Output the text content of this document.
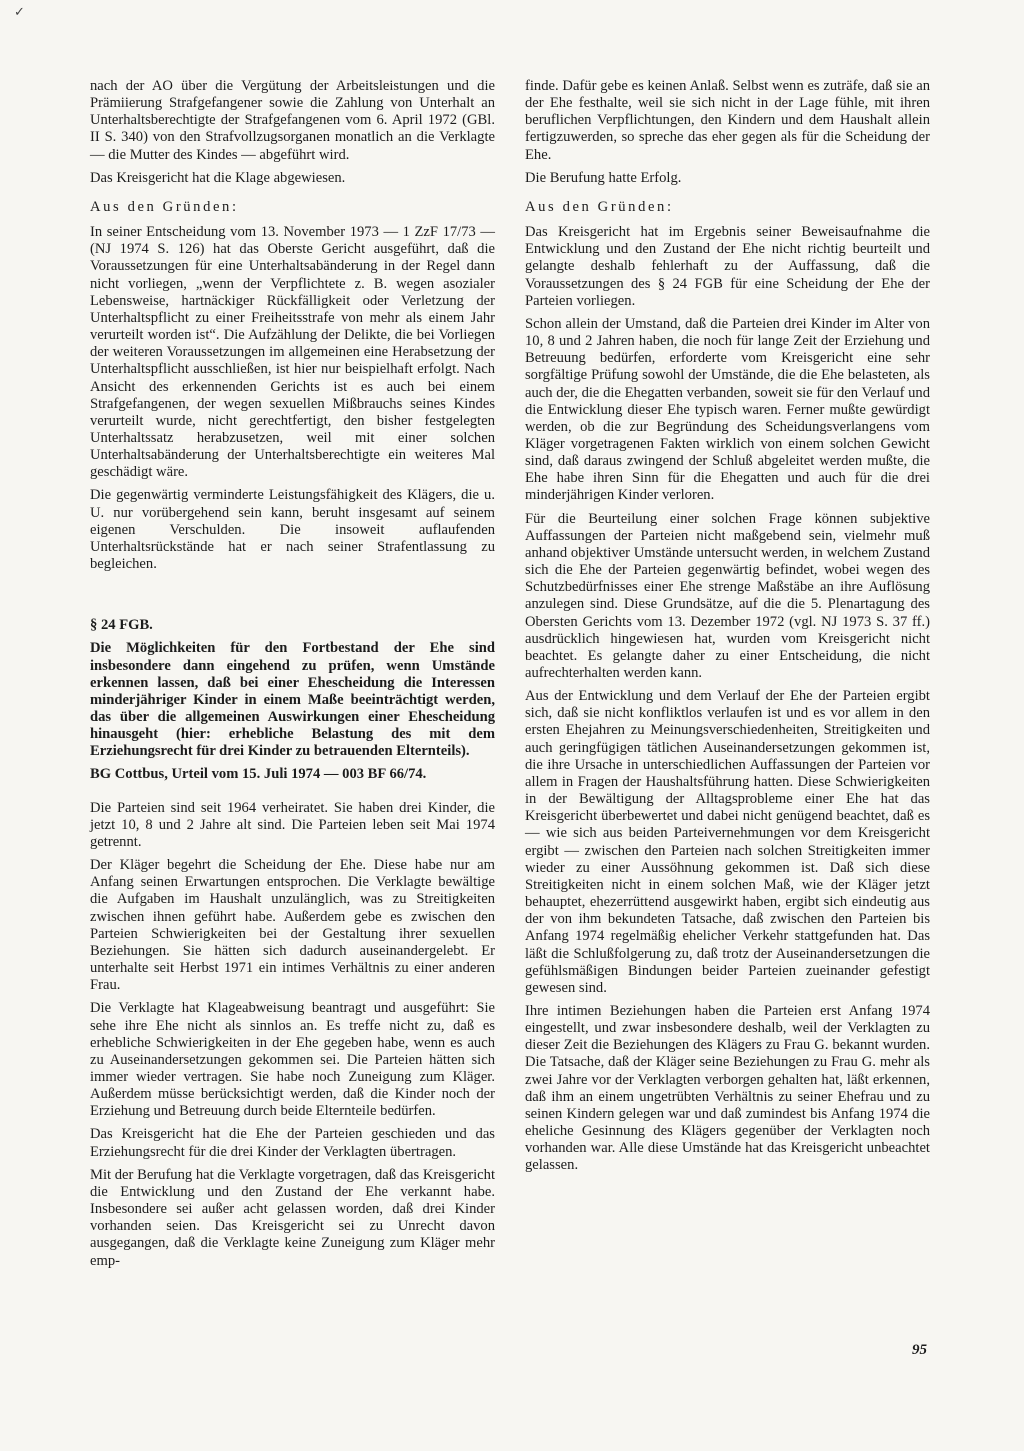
✓

nach der AO über die Vergütung der Arbeitsleistungen und die Prämiierung Strafgefangener sowie die Zahlung von Unterhalt an Unterhaltsberechtigte der Strafgefangenen vom 6. April 1972 (GBl. II S. 340) von den Strafvollzugsorganen monatlich an die Verklagte — die Mutter des Kindes — abgeführt wird.

Das Kreisgericht hat die Klage abgewiesen.

Aus den Gründen:

In seiner Entscheidung vom 13. November 1973 — 1 ZzF 17/73 — (NJ 1974 S. 126) hat das Oberste Gericht ausgeführt, daß die Voraussetzungen für eine Unterhaltsabänderung in der Regel dann nicht vorliegen, „wenn der Verpflichtete z. B. wegen asozialer Lebensweise, hartnäckiger Rückfälligkeit oder Verletzung der Unterhaltspflicht zu einer Freiheitsstrafe von mehr als einem Jahr verurteilt worden ist“. Die Aufzählung der Delikte, die bei Vorliegen der weiteren Voraussetzungen im allgemeinen eine Herabsetzung der Unterhaltspflicht ausschließen, ist hier nur beispielhaft erfolgt. Nach Ansicht des erkennenden Gerichts ist es auch bei einem Strafgefangenen, der wegen sexuellen Mißbrauchs seines Kindes verurteilt wurde, nicht gerechtfertigt, den bisher festgelegten Unterhaltssatz herabzusetzen, weil mit einer solchen Unterhaltsabänderung der Unterhaltsberechtigte ein weiteres Mal geschädigt wäre.

Die gegenwärtig verminderte Leistungsfähigkeit des Klägers, die u. U. nur vorübergehend sein kann, beruht insgesamt auf seinem eigenen Verschulden. Die insoweit auflaufenden Unterhaltsrückstände hat er nach seiner Strafentlassung zu begleichen.

§ 24 FGB.

Die Möglichkeiten für den Fortbestand der Ehe sind insbesondere dann eingehend zu prüfen, wenn Umstände erkennen lassen, daß bei einer Ehescheidung die Interessen minderjähriger Kinder in einem Maße beeinträchtigt werden, das über die allgemeinen Auswirkungen einer Ehescheidung hinausgeht (hier: erhebliche Belastung des mit dem Erziehungsrecht für drei Kinder zu betrauenden Elternteils).

BG Cottbus, Urteil vom 15. Juli 1974 — 003 BF 66/74.

Die Parteien sind seit 1964 verheiratet. Sie haben drei Kinder, die jetzt 10, 8 und 2 Jahre alt sind. Die Parteien leben seit Mai 1974 getrennt.

Der Kläger begehrt die Scheidung der Ehe. Diese habe nur am Anfang seinen Erwartungen entsprochen. Die Verklagte bewältige die Aufgaben im Haushalt unzulänglich, was zu Streitigkeiten zwischen ihnen geführt habe. Außerdem gebe es zwischen den Parteien Schwierigkeiten bei der Gestaltung ihrer sexuellen Beziehungen. Sie hätten sich dadurch auseinandergelebt. Er unterhalte seit Herbst 1971 ein intimes Verhältnis zu einer anderen Frau.

Die Verklagte hat Klageabweisung beantragt und ausgeführt: Sie sehe ihre Ehe nicht als sinnlos an. Es treffe nicht zu, daß es erhebliche Schwierigkeiten in der Ehe gegeben habe, wenn es auch zu Auseinandersetzungen gekommen sei. Die Parteien hätten sich immer wieder vertragen. Sie habe noch Zuneigung zum Kläger. Außerdem müsse berücksichtigt werden, daß die Kinder noch der Erziehung und Betreuung durch beide Elternteile bedürfen.

Das Kreisgericht hat die Ehe der Parteien geschieden und das Erziehungsrecht für die drei Kinder der Verklagten übertragen.

Mit der Berufung hat die Verklagte vorgetragen, daß das Kreisgericht die Entwicklung und den Zustand der Ehe verkannt habe. Insbesondere sei außer acht gelassen worden, daß drei Kinder vorhanden seien. Das Kreisgericht sei zu Unrecht davon ausgegangen, daß die Verklagte keine Zuneigung zum Kläger mehr emp-

finde. Dafür gebe es keinen Anlaß. Selbst wenn es zuträfe, daß sie an der Ehe festhalte, weil sie sich nicht in der Lage fühle, mit ihren beruflichen Verpflichtungen, den Kindern und dem Haushalt allein fertigzuwerden, so spreche das eher gegen als für die Scheidung der Ehe.

Die Berufung hatte Erfolg.

Aus den Gründen:

Das Kreisgericht hat im Ergebnis seiner Beweisaufnahme die Entwicklung und den Zustand der Ehe nicht richtig beurteilt und gelangte deshalb fehlerhaft zu der Auffassung, daß die Voraussetzungen des § 24 FGB für eine Scheidung der Ehe der Parteien vorliegen.

Schon allein der Umstand, daß die Parteien drei Kinder im Alter von 10, 8 und 2 Jahren haben, die noch für lange Zeit der Erziehung und Betreuung bedürfen, erforderte vom Kreisgericht eine sehr sorgfältige Prüfung sowohl der Umstände, die die Ehe belasteten, als auch der, die die Ehegatten verbanden, soweit sie für den Verlauf und die Entwicklung dieser Ehe typisch waren. Ferner mußte gewürdigt werden, ob die zur Begründung des Scheidungsverlangens vom Kläger vorgetragenen Fakten wirklich von einem solchen Gewicht sind, daß daraus zwingend der Schluß abgeleitet werden mußte, die Ehe habe ihren Sinn für die Ehegatten und auch für die drei minderjährigen Kinder verloren.

Für die Beurteilung einer solchen Frage können subjektive Auffassungen der Parteien nicht maßgebend sein, vielmehr muß anhand objektiver Umstände untersucht werden, in welchem Zustand sich die Ehe der Parteien gegenwärtig befindet, wobei wegen des Schutzbedürfnisses einer Ehe strenge Maßstäbe an ihre Auflösung anzulegen sind. Diese Grundsätze, auf die die 5. Plenartagung des Obersten Gerichts vom 13. Dezember 1972 (vgl. NJ 1973 S. 37 ff.) ausdrücklich hingewiesen hat, wurden vom Kreisgericht nicht beachtet. Es gelangte daher zu einer Entscheidung, die nicht aufrechterhalten werden kann.

Aus der Entwicklung und dem Verlauf der Ehe der Parteien ergibt sich, daß sie nicht konfliktlos verlaufen ist und es vor allem in den ersten Ehejahren zu Meinungsverschiedenheiten, Streitigkeiten und auch geringfügigen tätlichen Auseinandersetzungen gekommen ist, die ihre Ursache in unterschiedlichen Auffassungen der Parteien vor allem in Fragen der Haushaltsführung hatten. Diese Schwierigkeiten in der Bewältigung der Alltagsprobleme einer Ehe hat das Kreisgericht überbewertet und dabei nicht genügend beachtet, daß es — wie sich aus beiden Parteivernehmungen vor dem Kreisgericht ergibt — zwischen den Parteien nach solchen Streitigkeiten immer wieder zu einer Aussöhnung gekommen ist. Daß sich diese Streitigkeiten nicht in einem solchen Maß, wie der Kläger jetzt behauptet, ehezerrüttend ausgewirkt haben, ergibt sich eindeutig aus der von ihm bekundeten Tatsache, daß zwischen den Parteien bis Anfang 1974 regelmäßig ehelicher Verkehr stattgefunden hat. Das läßt die Schlußfolgerung zu, daß trotz der Auseinandersetzungen die gefühlsmäßigen Bindungen beider Parteien zueinander gefestigt gewesen sind.

Ihre intimen Beziehungen haben die Parteien erst Anfang 1974 eingestellt, und zwar insbesondere deshalb, weil der Verklagten zu dieser Zeit die Beziehungen des Klägers zu Frau G. bekannt wurden. Die Tatsache, daß der Kläger seine Beziehungen zu Frau G. mehr als zwei Jahre vor der Verklagten verborgen gehalten hat, läßt erkennen, daß ihm an einem ungetrübten Verhältnis zu seiner Ehefrau und zu seinen Kindern gelegen war und daß zumindest bis Anfang 1974 die eheliche Gesinnung des Klägers gegenüber der Verklagten noch vorhanden war. Alle diese Umstände hat das Kreisgericht unbeachtet gelassen.

95
